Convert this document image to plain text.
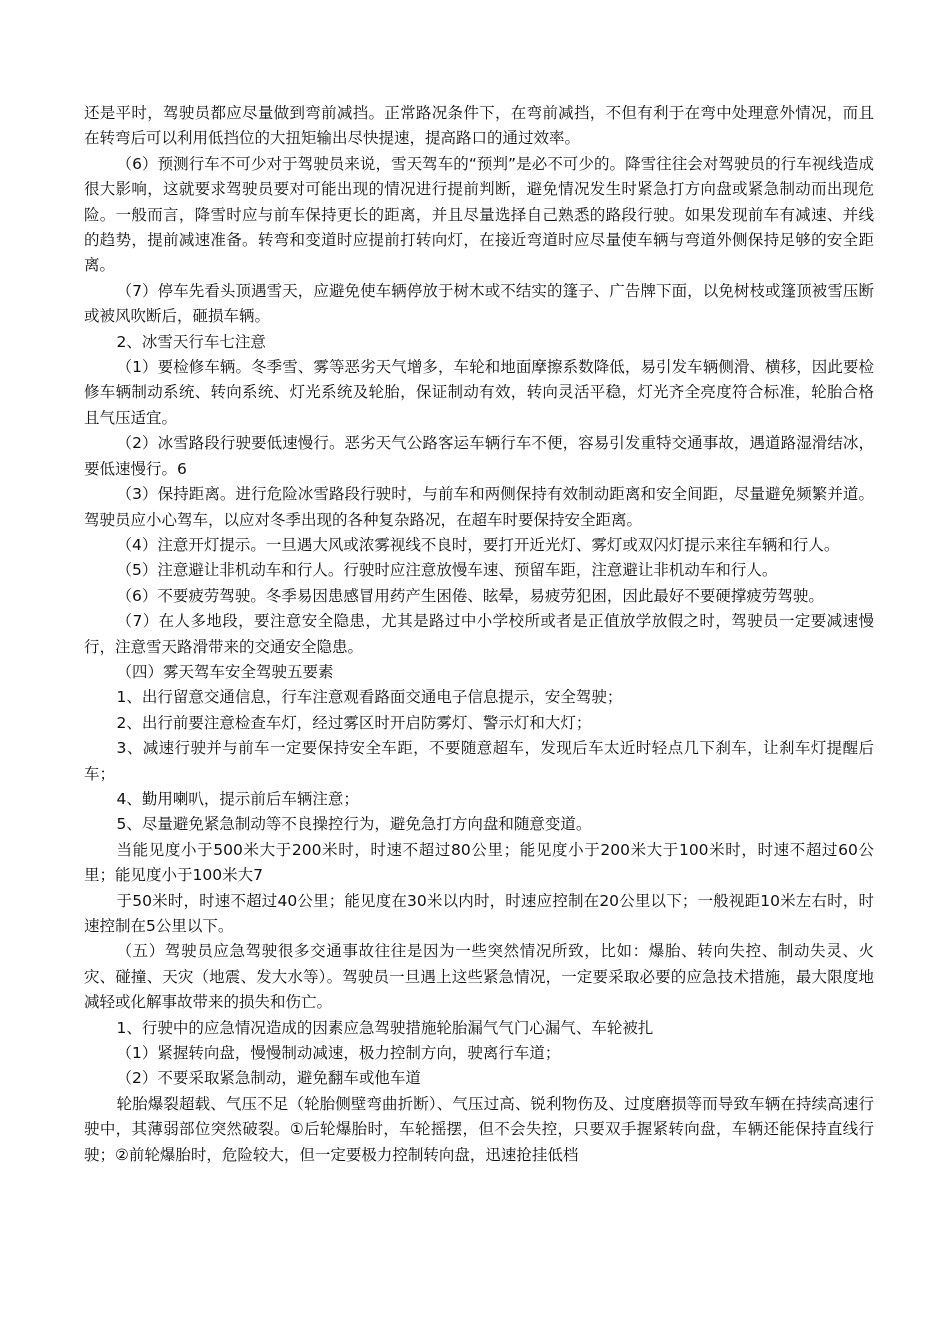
还是平时，驾驶员都应尽量做到弯前减挡。正常路况条件下，在弯前减挡，不但有利于在弯中处理意外情况，而且在转弯后可以利用低挡位的大扭矩输出尽快提速，提高路口的通过效率。

（6）预测行车不可少对于驾驶员来说，雪天驾车的“预判”是必不可少的。降雪往往会对驾驶员的行车视线造成很大影响，这就要求驾驶员要对可能出现的情况进行提前判断，避免情况发生时紧急打方向盘或紧急制动而出现危险。一般而言，降雪时应与前车保持更长的距离，并且尽量选择自己熟悉的路段行驶。如果发现前车有减速、并线的趋势，提前减速准备。转弯和变道时应提前打转向灯，在接近弯道时应尽量使车辆与弯道外侧保持足够的安全距离。

（7）停车先看头顶遇雪天，应避免使车辆停放于树木或不结实的篷子、广告牌下面，以免树枝或篷顶被雪压断或被风吹断后，砸损车辆。

2、冰雪天行车七注意

（1）要检修车辆。冬季雪、雾等恶劣天气增多，车轮和地面摩擦系数降低，易引发车辆侧滑、横移，因此要检修车辆制动系统、转向系统、灯光系统及轮胎，保证制动有效，转向灵活平稳，灯光齐全亮度符合标准，轮胎合格且气压适宜。

（2）冰雪路段行驶要低速慢行。恶劣天气公路客运车辆行车不便，容易引发重特交通事故，遇道路湿滑结冰，要低速慢行。6

（3）保持距离。进行危险冰雪路段行驶时，与前车和两侧保持有效制动距离和安全间距，尽量避免频繁并道。驾驶员应小心驾车，以应对冬季出现的各种复杂路况，在超车时要保持安全距离。

（4）注意开灯提示。一旦遇大风或浓雾视线不良时，要打开近光灯、雾灯或双闪灯提示来往车辆和行人。

（5）注意避让非机动车和行人。行驶时应注意放慢车速、预留车距，注意避让非机动车和行人。

（6）不要疲劳驾驶。冬季易因患感冒用药产生困倦、眩晕，易疲劳犯困，因此最好不要硬撑疲劳驾驶。

（7）在人多地段，要注意安全隐患，尤其是路过中小学校所或者是正值放学放假之时，驾驶员一定要减速慢行，注意雪天路滑带来的交通安全隐患。

（四）雾天驾车安全驾驶五要素

1、出行留意交通信息，行车注意观看路面交通电子信息提示，安全驾驶；

2、出行前要注意检查车灯，经过雾区时开启防雾灯、警示灯和大灯；

3、减速行驶并与前车一定要保持安全车距，不要随意超车，发现后车太近时轻点几下刹车，让刹车灯提醒后车；

4、勤用喇叭，提示前后车辆注意；

5、尽量避免紧急制动等不良操控行为，避免急打方向盘和随意变道。

当能见度小于500米大于200米时，时速不超过80公里；能见度小于200米大于100米时，时速不超过60公里；能见度小于100米大7

于50米时，时速不超过40公里；能见度在30米以内时，时速应控制在20公里以下；一般视距10米左右时，时速控制在5公里以下。

（五）驾驶员应急驾驶很多交通事故往往是因为一些突然情况所致，比如：爆胎、转向失控、制动失灵、火灾、碰撞、天灾（地震、发大水等）。驾驶员一旦遇上这些紧急情况，一定要采取必要的应急技术措施，最大限度地减轻或化解事故带来的损失和伤亡。

1、行驶中的应急情况造成的因素应急驾驶措施轮胎漏气气门心漏气、车轮被扎

（1）紧握转向盘，慢慢制动减速，极力控制方向，驶离行车道；

（2）不要采取紧急制动，避免翻车或他车道

轮胎爆裂超载、气压不足（轮胎侧壁弯曲折断）、气压过高、锐利物伤及、过度磨损等而导致车辆在持续高速行驶中，其薄弱部位突然破裂。①后轮爆胎时，车轮摇摆，但不会失控，只要双手握紧转向盘，车辆还能保持直线行驶；②前轮爆胎时，危险较大，但一定要极力控制转向盘，迅速抢挂低档
